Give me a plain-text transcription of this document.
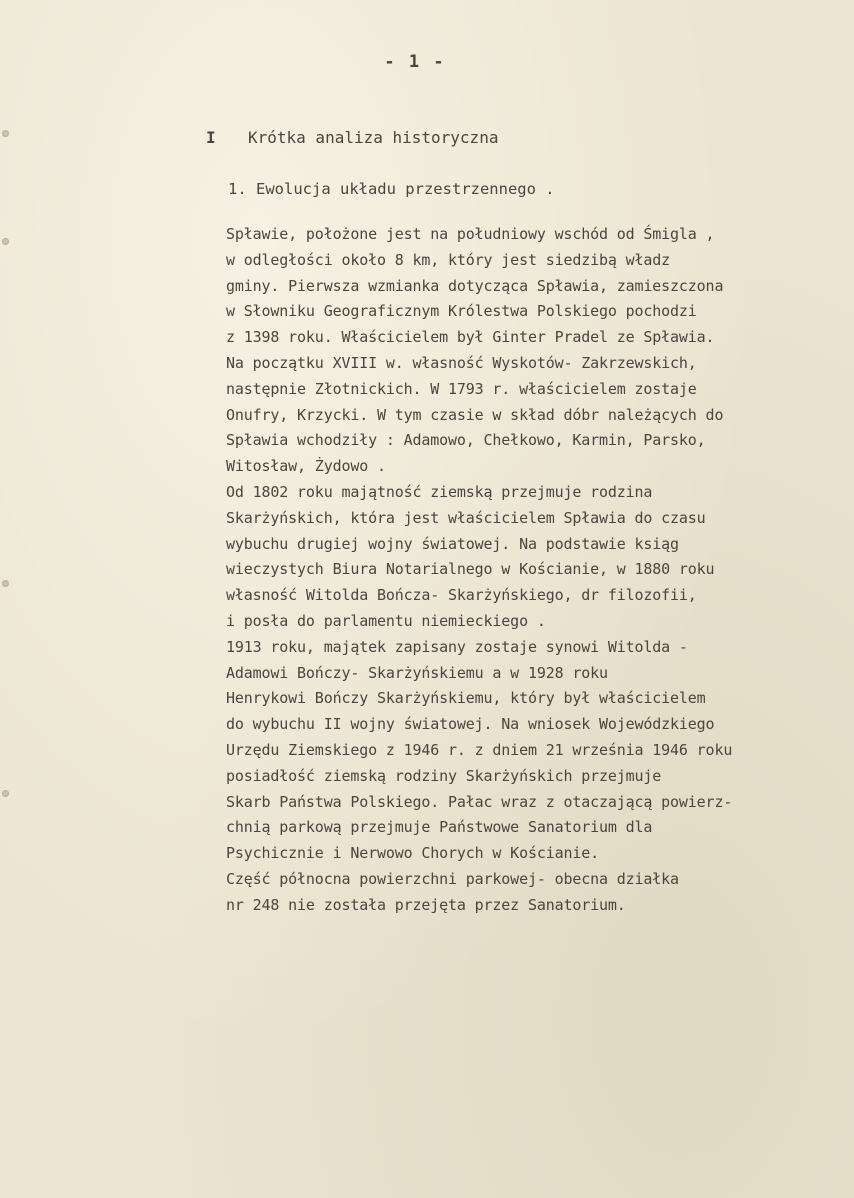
- 1 -
I Krótka analiza historyczna
1. Ewolucja układu przestrzennego .
Spławie, położone jest na południowy wschód od Śmigla ,
w odległości około 8 km, który jest siedzibą władz
gminy. Pierwsza wzmianka dotycząca Spławia, zamieszczona
w Słowniku Geograficznym Królestwa Polskiego pochodzi
z 1398 roku. Właścicielem był Ginter Pradel ze Spławia.
Na początku XVIII w. własność Wyskotów- Zakrzewskich,
następnie Złotnickich. W 1793 r. właścicielem zostaje
Onufry, Krzycki. W tym czasie w skład dóbr należących do
Spławia wchodziły : Adamowo, Chełkowo, Karmin, Parsko,
Witosław, Żydowo .
Od 1802 roku majątność ziemską przejmuje rodzina
Skarżyńskich, która jest właścicielem Spławia do czasu
wybuchu drugiej wojny światowej. Na podstawie ksiąg
wieczystych Biura Notarialnego w Kościanie, w 1880 roku
własność Witolda Bończa- Skarżyńskiego, dr filozofii,
i posła do parlamentu niemieckiego .
1913 roku, majątek zapisany zostaje synowi Witolda -
Adamowi Bończy- Skarżyńskiemu a w 1928 roku
Henrykowi Bończy Skarżyńskiemu, który był właścicielem
do wybuchu II wojny światowej. Na wniosek Wojewódzkiego
Urzędu Ziemskiego z 1946 r. z dniem 21 września 1946 roku
posiadłość ziemską rodziny Skarżyńskich przejmuje
Skarb Państwa Polskiego. Pałac wraz z otaczającą powierz-
chnią parkową przejmuje Państwowe Sanatorium dla
Psychicznie i Nerwowo Chorych w Kościanie.
Część północna powierzchni parkowej- obecna działka
nr 248 nie została przejęta przez Sanatorium.
